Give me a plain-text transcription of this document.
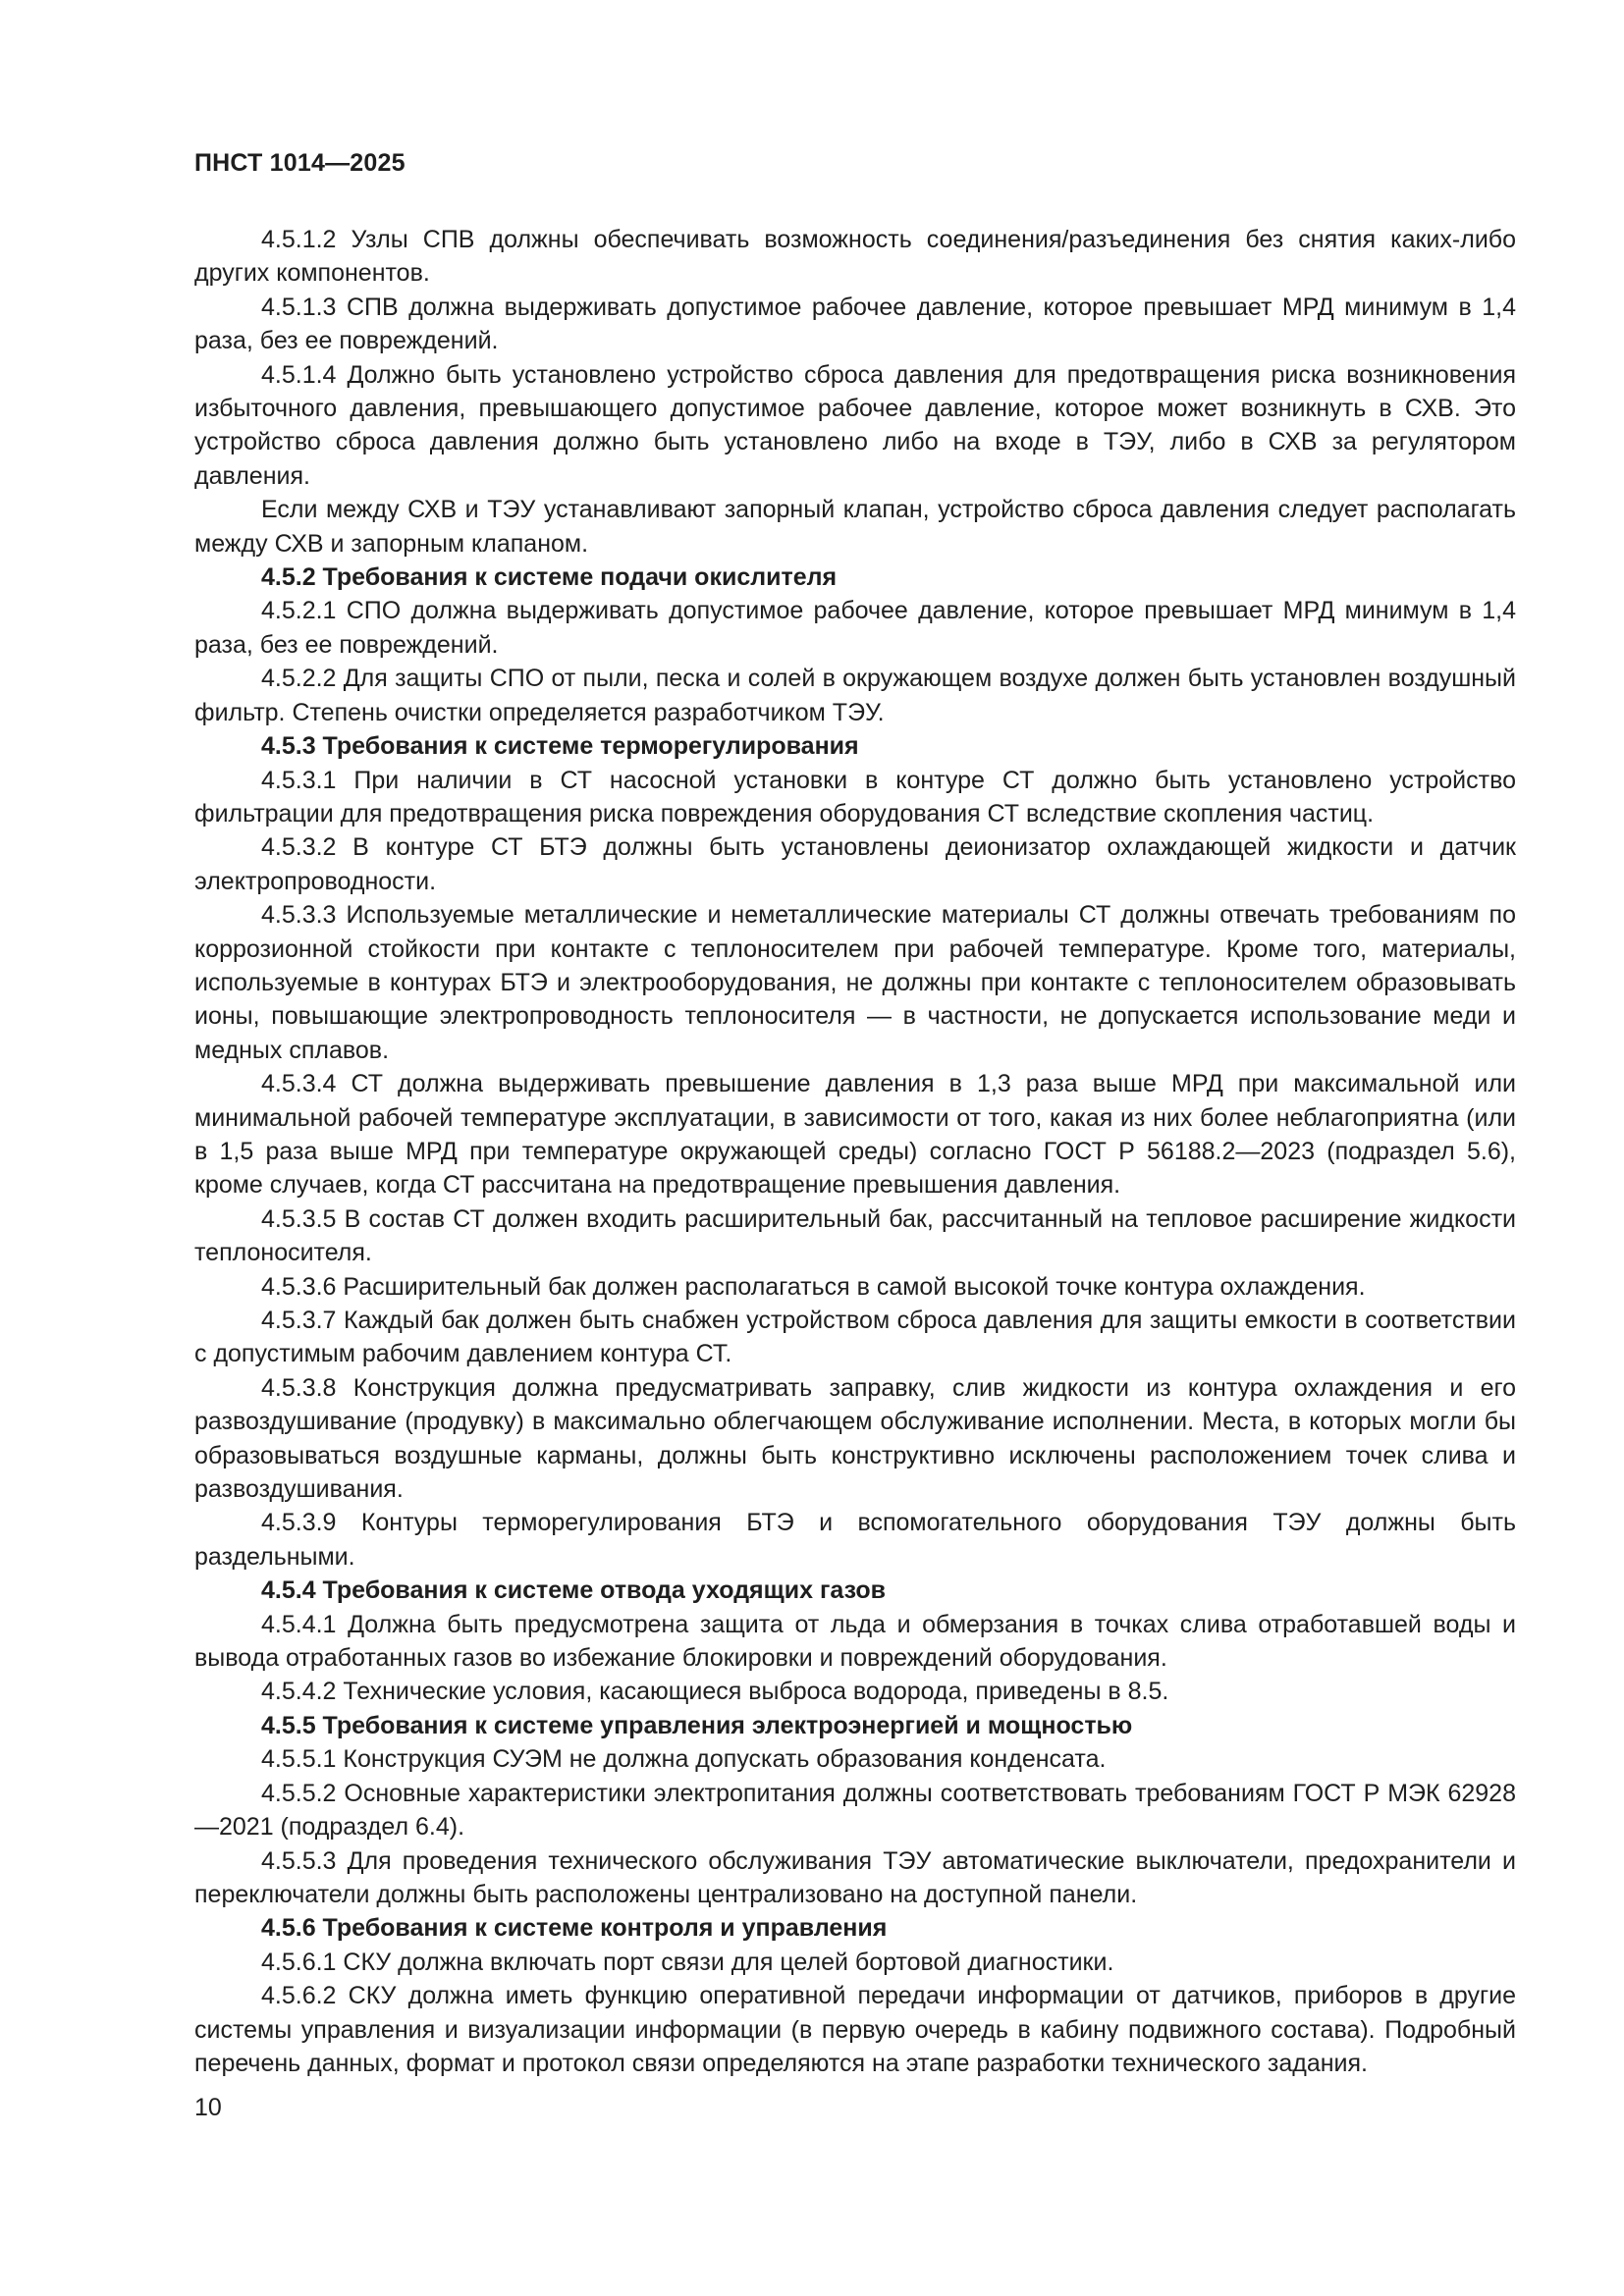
ПНСТ 1014—2025

4.5.1.2 Узлы СПВ должны обеспечивать возможность соединения/разъединения без снятия каких-либо других компонентов.

4.5.1.3 СПВ должна выдерживать допустимое рабочее давление, которое превышает МРД минимум в 1,4 раза, без ее повреждений.

4.5.1.4 Должно быть установлено устройство сброса давления для предотвращения риска возникновения избыточного давления, превышающего допустимое рабочее давление, которое может возникнуть в СХВ. Это устройство сброса давления должно быть установлено либо на входе в ТЭУ, либо в СХВ за регулятором давления.

Если между СХВ и ТЭУ устанавливают запорный клапан, устройство сброса давления следует располагать между СХВ и запорным клапаном.

4.5.2 Требования к системе подачи окислителя

4.5.2.1 СПО должна выдерживать допустимое рабочее давление, которое превышает МРД минимум в 1,4 раза, без ее повреждений.

4.5.2.2 Для защиты СПО от пыли, песка и солей в окружающем воздухе должен быть установлен воздушный фильтр. Степень очистки определяется разработчиком ТЭУ.

4.5.3 Требования к системе терморегулирования

4.5.3.1 При наличии в СТ насосной установки в контуре СТ должно быть установлено устройство фильтрации для предотвращения риска повреждения оборудования СТ вследствие скопления частиц.

4.5.3.2 В контуре СТ БТЭ должны быть установлены деионизатор охлаждающей жидкости и датчик электропроводности.

4.5.3.3 Используемые металлические и неметаллические материалы СТ должны отвечать требованиям по коррозионной стойкости при контакте с теплоносителем при рабочей температуре. Кроме того, материалы, используемые в контурах БТЭ и электрооборудования, не должны при контакте с теплоносителем образовывать ионы, повышающие электропроводность теплоносителя — в частности, не допускается использование меди и медных сплавов.

4.5.3.4 СТ должна выдерживать превышение давления в 1,3 раза выше МРД при максимальной или минимальной рабочей температуре эксплуатации, в зависимости от того, какая из них более неблагоприятна (или в 1,5 раза выше МРД при температуре окружающей среды) согласно ГОСТ Р 56188.2—2023 (подраздел 5.6), кроме случаев, когда СТ рассчитана на предотвращение превышения давления.

4.5.3.5 В состав СТ должен входить расширительный бак, рассчитанный на тепловое расширение жидкости теплоносителя.

4.5.3.6 Расширительный бак должен располагаться в самой высокой точке контура охлаждения.

4.5.3.7 Каждый бак должен быть снабжен устройством сброса давления для защиты емкости в соответствии с допустимым рабочим давлением контура СТ.

4.5.3.8 Конструкция должна предусматривать заправку, слив жидкости из контура охлаждения и его развоздушивание (продувку) в максимально облегчающем обслуживание исполнении. Места, в которых могли бы образовываться воздушные карманы, должны быть конструктивно исключены расположением точек слива и развоздушивания.

4.5.3.9 Контуры терморегулирования БТЭ и вспомогательного оборудования ТЭУ должны быть раздельными.

4.5.4 Требования к системе отвода уходящих газов

4.5.4.1 Должна быть предусмотрена защита от льда и обмерзания в точках слива отработавшей воды и вывода отработанных газов во избежание блокировки и повреждений оборудования.

4.5.4.2 Технические условия, касающиеся выброса водорода, приведены в 8.5.

4.5.5 Требования к системе управления электроэнергией и мощностью

4.5.5.1 Конструкция СУЭМ не должна допускать образования конденсата.

4.5.5.2 Основные характеристики электропитания должны соответствовать требованиям ГОСТ Р МЭК 62928—2021 (подраздел 6.4).

4.5.5.3 Для проведения технического обслуживания ТЭУ автоматические выключатели, предохранители и переключатели должны быть расположены централизовано на доступной панели.

4.5.6 Требования к системе контроля и управления

4.5.6.1 СКУ должна включать порт связи для целей бортовой диагностики.

4.5.6.2 СКУ должна иметь функцию оперативной передачи информации от датчиков, приборов в другие системы управления и визуализации информации (в первую очередь в кабину подвижного состава). Подробный перечень данных, формат и протокол связи определяются на этапе разработки технического задания.

10
